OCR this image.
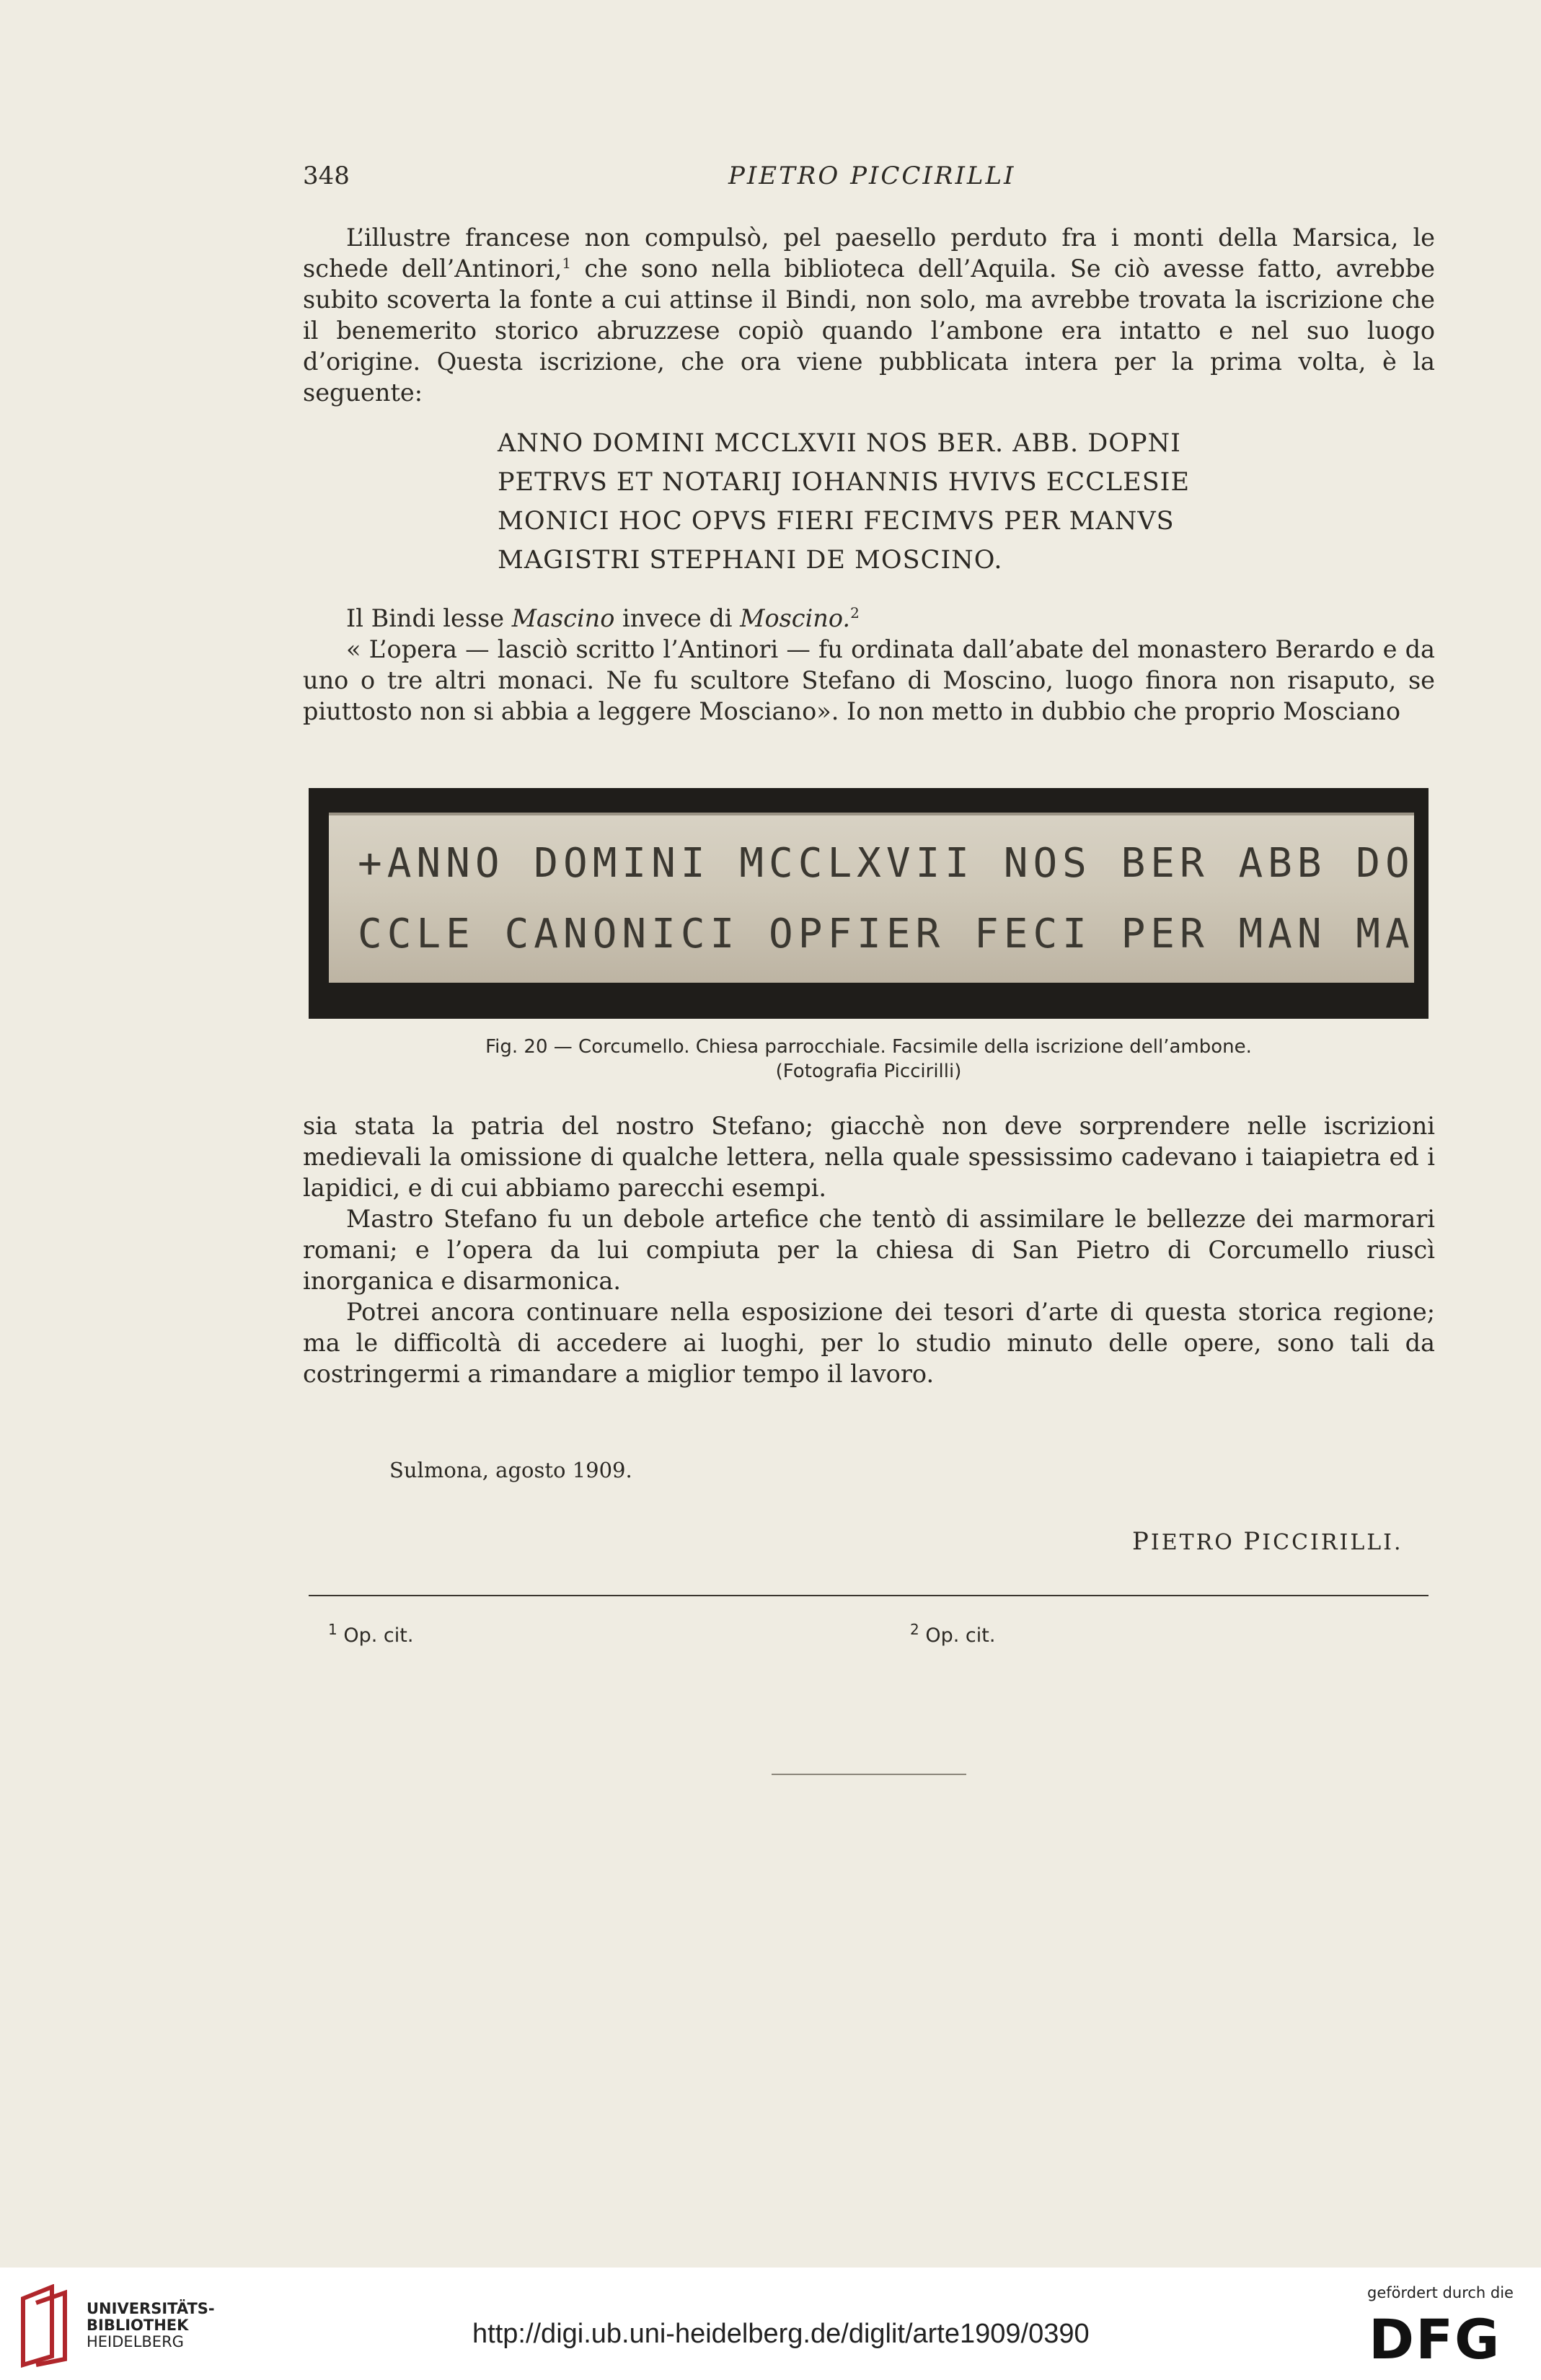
348	PIETRO PICCIRILLI

L’illustre francese non compulsò, pel paesello perduto fra i monti della Marsica, le schede dell’Antinori,$^1$ che sono nella biblioteca dell’Aquila. Se ciò avesse fatto, avrebbe subito scoverta la fonte a cui attinse il Bindi, non solo, ma avrebbe trovata la iscrizione che il benemerito storico abruzzese copiò quando l’ambone era intatto e nel suo luogo d’origine. Questa iscrizione, che ora viene pubblicata intera per la prima volta, è la seguente:

ANNO DOMINI MCCLXVII NOS BER. ABB. DOPNI
PETRVS ET NOTARIJ IOHANNIS HVIVS ECCLESIE
MONICI HOC OPVS FIERI FECIMVS PER MANVS
MAGISTRI STEPHANI DE MOSCINO.

Il Bindi lesse Mascino invece di Moscino.$^2$

« L’opera — lasciò scritto l’Antinori — fu ordinata dall’abate del monastero Berardo e da uno o tre altri monaci. Ne fu scultore Stefano di Moscino, luogo finora non risaputo, se piuttosto non si abbia a leggere Mosciano». Io non metto in dubbio che proprio Mosciano

+ANNO DOMINI MCCLXVII NOS BER ABB DO
CCLE CANONICI OPFIER FECI PER MAN MA
Fig. 20 — Corcumello. Chiesa parrocchiale. Facsimile della iscrizione dell’ambone.
(Fotografia Piccirilli)

sia stata la patria del nostro Stefano; giacchè non deve sorprendere nelle iscrizioni medievali la omissione di qualche lettera, nella quale spessissimo cadevano i taiapietra ed i lapidici, e di cui abbiamo parecchi esempi.

Mastro Stefano fu un debole artefice che tentò di assimilare le bellezze dei marmorari romani; e l’opera da lui compiuta per la chiesa di San Pietro di Corcumello riuscì inorganica e disarmonica.

Potrei ancora continuare nella esposizione dei tesori d’arte di questa storica regione; ma le difficoltà di accedere ai luoghi, per lo studio minuto delle opere, sono tali da costringermi a rimandare a miglior tempo il lavoro.

Sulmona, agosto 1909.
PIETRO PICCIRILLI.
$^1$ Op. cit.	$^2$ Op. cit.
UNIVERSITÄTS-
BIBLIOTHEK
HEIDELBERG	http://digi.ub.uni-heidelberg.de/diglit/arte1909/0390
gefördert durch die
DFG
